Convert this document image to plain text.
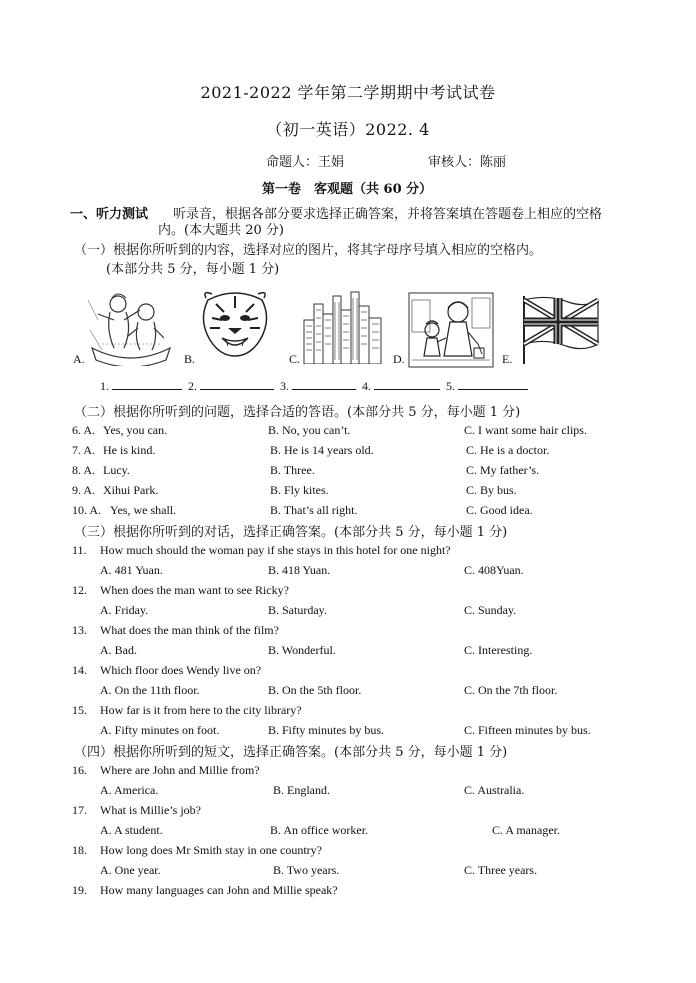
2021-2022 学年第二学期期中考试试卷
（初一英语）2022. 4
命题人：王娟	审核人：陈丽
第一卷　客观题（共 60 分）
一、听力测试 听录音，根据各部分要求选择正确答案，并将答案填在答题卷上相应的空格
内。(本大题共 20 分)
（一）根据你所听到的内容，选择对应的图片，将其字母序号填入相应的空格内。
(本部分共 5 分，每小题 1 分)
A.	B.	C.	D.	E.
1.	2.	3.	4.	5.
（二）根据你所听到的问题，选择合适的答语。(本部分共 5 分，每小题 1 分)
6. A. Yes, you can.	B. No, you can’t.	C. I want some hair clips.
7. A. He is kind.	B. He is 14 years old.	C. He is a doctor.
8. A. Lucy.	B. Three.	C. My father’s.
9. A. Xihui Park.	B. Fly kites.	C. By bus.
10. A. Yes, we shall.	B. That’s all right.	C. Good idea.
（三）根据你所听到的对话，选择正确答案。(本部分共 5 分，每小题 1 分)
11. How much should the woman pay if she stays in this hotel for one night?
A. 481 Yuan.	B. 418 Yuan.	C. 408Yuan.
12. When does the man want to see Ricky?
A. Friday.	B. Saturday.	C. Sunday.
13. What does the man think of the film?
A. Bad.	B. Wonderful.	C. Interesting.
14. Which floor does Wendy live on?
A. On the 11th floor.	B. On the 5th floor.	C. On the 7th floor.
15. How far is it from here to the city library?
A. Fifty minutes on foot.	B. Fifty minutes by bus.	C. Fifteen minutes by bus.
（四）根据你所听到的短文，选择正确答案。(本部分共 5 分，每小题 1 分)
16. Where are John and Millie from?
A. America.	B. England.	C. Australia.
17. What is Millie’s job?
A. A student.	B. An office worker.	C. A manager.
18. How long does Mr Smith stay in one country?
A. One year.	B. Two years.	C. Three years.
19. How many languages can John and Millie speak?
